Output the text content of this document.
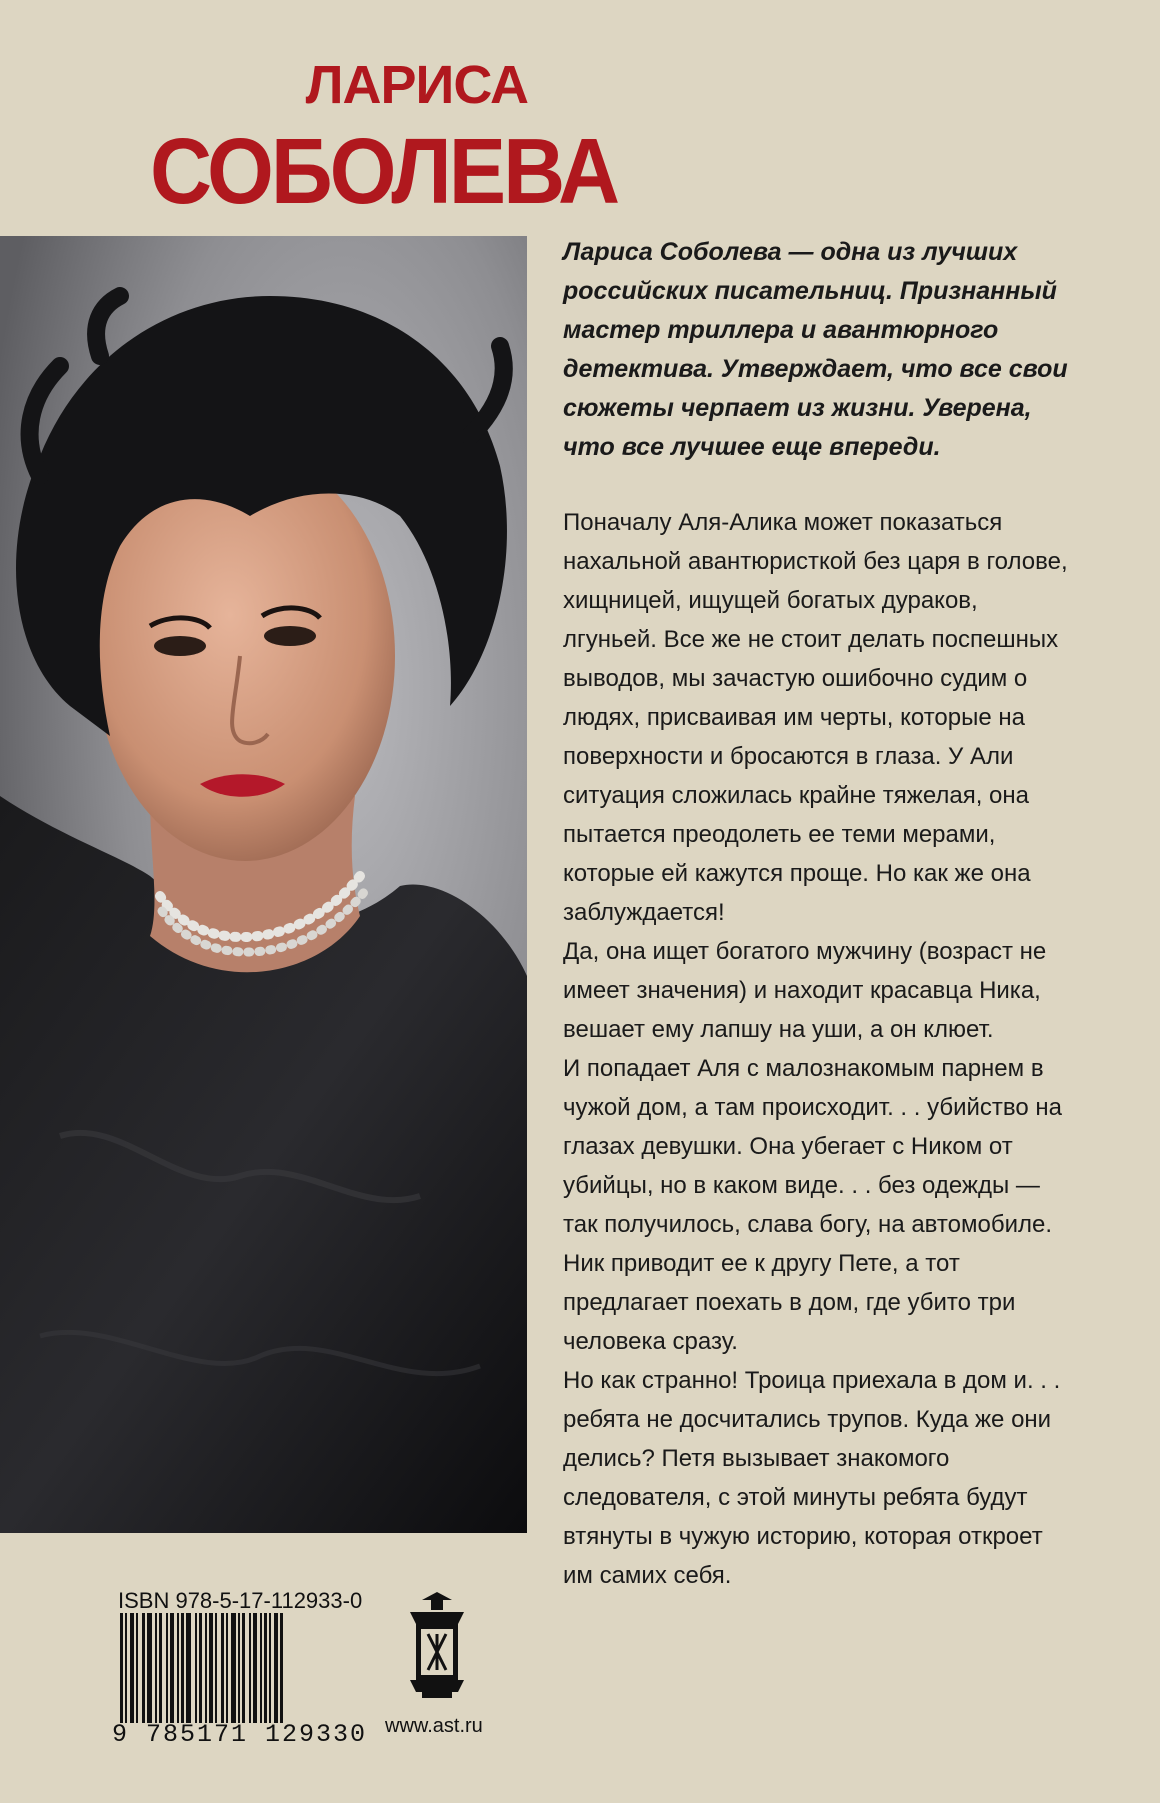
ЛАРИСА
СОБОЛЕВА
Лариса Соболева — одна из лучших российских писательниц. Признанный мастер триллера и авантюрного детектива. Утверждает, что все свои сюжеты черпает из жизни. Уверена, что все лучшее еще впереди.

Поначалу Аля-Алика может показаться нахальной авантюристкой без царя в голове, хищницей, ищущей богатых дураков, лгуньей. Все же не стоит делать поспешных выводов, мы зачастую ошибочно судим о людях, присваивая им черты, которые на поверхности и бросаются в глаза. У Али ситуация сложилась крайне тяжелая, она пытается преодолеть ее теми мерами, которые ей кажутся проще. Но как же она заблуждается!

Да, она ищет богатого мужчину (возраст не имеет значения) и находит красавца Ника, вешает ему лапшу на уши, а он клюет.

И попадает Аля с малознакомым парнем в чужой дом, а там происходит. . . убийство на глазах девушки. Она убегает с Ником от убийцы, но в каком виде. . . без одежды — так получилось, слава богу, на автомобиле.

Ник приводит ее к другу Пете, а тот предлагает поехать в дом, где убито три человека сразу.

Но как странно! Троица приехала в дом и. . . ребята не досчитались трупов. Куда же они делись? Петя вызывает знакомого следователя, с этой минуты ребята будут втянуты в чужую историю, которая откроет им самих себя.

ISBN 978-5-17-112933-0
9 785171 129330 www.ast.ru
